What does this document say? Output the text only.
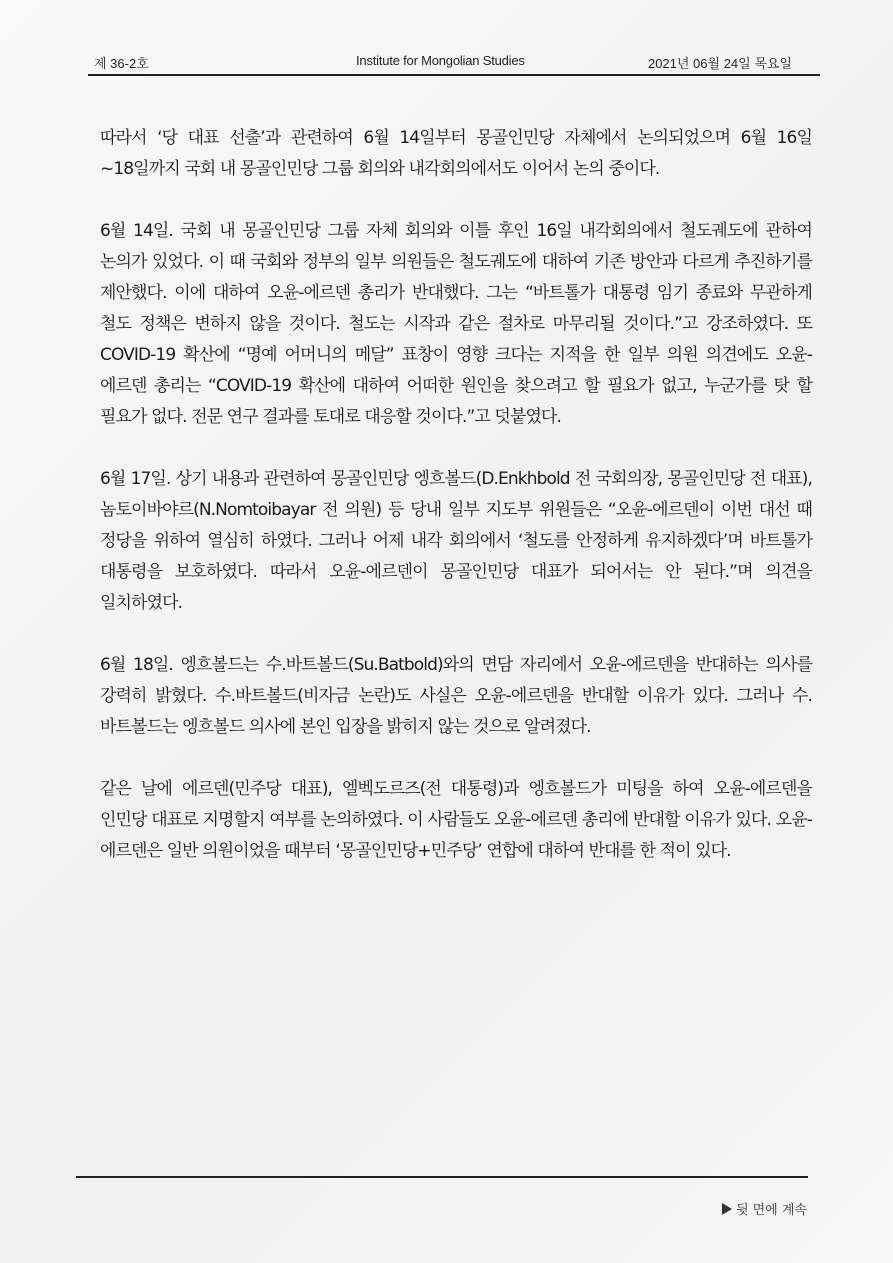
제 36-2호	Institute for Mongolian Studies	2021년 06월 24일 목요일

따라서 ‘당 대표 선출’과 관련하여 6월 14일부터 몽골인민당 자체에서 논의되었으며 6월 16일~18일까지 국회 내 몽골인민당 그룹 회의와 내각회의에서도 이어서 논의 중이다.

6월 14일. 국회 내 몽골인민당 그룹 자체 회의와 이틀 후인 16일 내각회의에서 철도궤도에 관하여 논의가 있었다. 이 때 국회와 정부의 일부 의원들은 철도궤도에 대하여 기존 방안과 다르게 추진하기를 제안했다. 이에 대하여 오윤-에르덴 총리가 반대했다. 그는 “바트톨가 대통령 임기 종료와 무관하게 철도 정책은 변하지 않을 것이다. 철도는 시작과 같은 절차로 마무리될 것이다.”고 강조하였다. 또 COVID-19 확산에 “명예 어머니의 메달” 표창이 영향 크다는 지적을 한 일부 의원 의견에도 오윤-에르덴 총리는 “COVID-19 확산에 대하여 어떠한 원인을 찾으려고 할 필요가 없고, 누군가를 탓 할 필요가 없다. 전문 연구 결과를 토대로 대응할 것이다.”고 덧붙였다.

6월 17일. 상기 내용과 관련하여 몽골인민당 엥흐볼드(D.Enkhbold 전 국회의장, 몽골인민당 전 대표), 놈토이바야르(N.Nomtoibayar 전 의원) 등 당내 일부 지도부 위원들은 “오윤-에르덴이 이번 대선 때 정당을 위하여 열심히 하였다. 그러나 어제 내각 회의에서 ‘철도를 안정하게 유지하겠다’며 바트톨가 대통령을 보호하였다. 따라서 오윤-에르덴이 몽골인민당 대표가 되어서는 안 된다.”며 의견을 일치하였다.

6월 18일. 엥흐볼드는 수.바트볼드(Su.Batbold)와의 면담 자리에서 오윤-에르덴을 반대하는 의사를 강력히 밝혔다. 수.바트볼드(비자금 논란)도 사실은 오윤-에르덴을 반대할 이유가 있다. 그러나 수. 바트볼드는 엥흐볼드 의사에 본인 입장을 밝히지 않는 것으로 알려졌다.

같은 날에 에르덴(민주당 대표), 엘벡도르즈(전 대통령)과 엥흐볼드가 미팅을 하여 오윤-에르덴을 인민당 대표로 지명할지 여부를 논의하였다. 이 사람들도 오윤-에르덴 총리에 반대할 이유가 있다. 오윤-에르덴은 일반 의원이었을 때부터 ‘몽골인민당+민주당’ 연합에 대하여 반대를 한 적이 있다.

뒷 면에 계속
